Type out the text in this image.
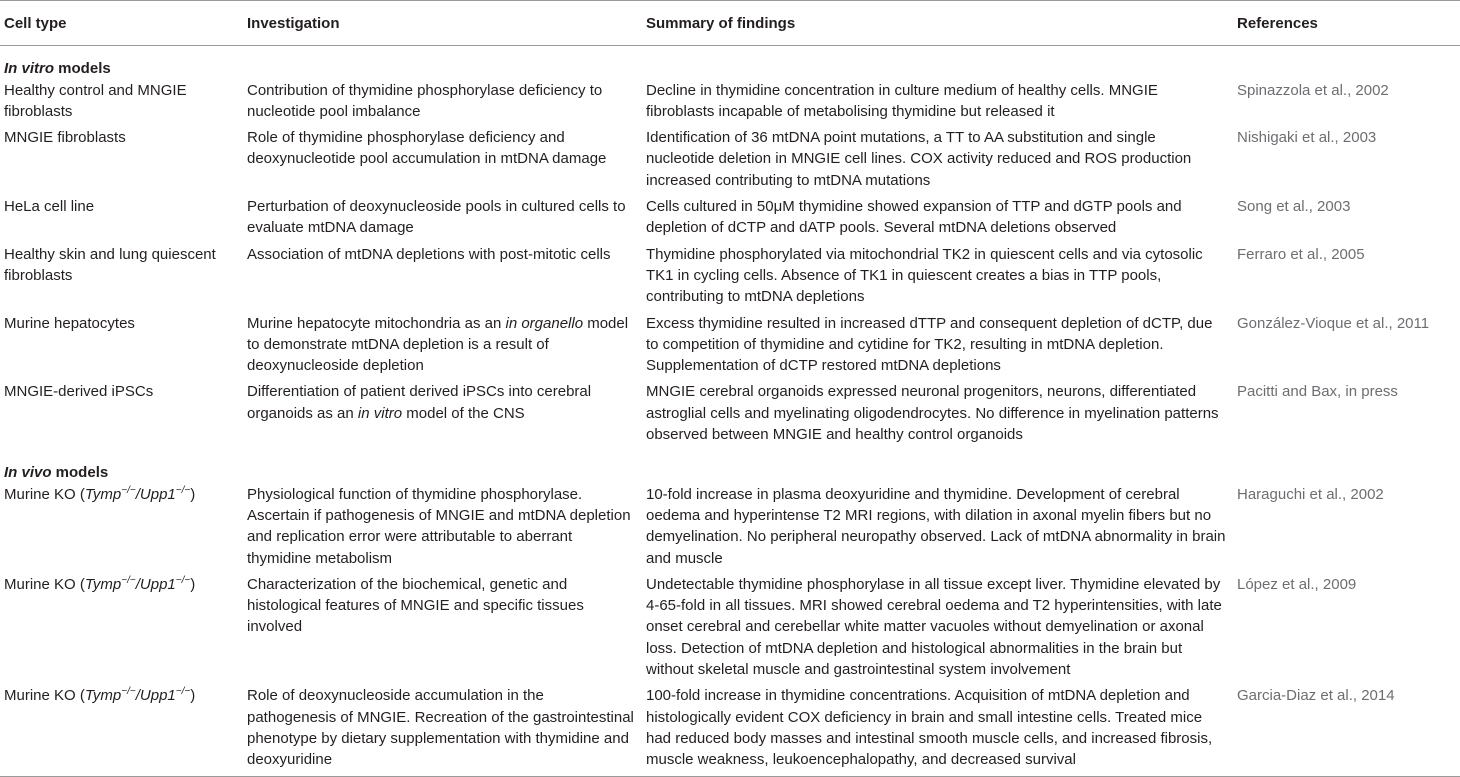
Cell type	Investigation	Summary of findings	References
In vitro models			
Healthy control and MNGIE fibroblasts	Contribution of thymidine phosphorylase deficiency to nucleotide pool imbalance	Decline in thymidine concentration in culture medium of healthy cells. MNGIE fibroblasts incapable of metabolising thymidine but released it	Spinazzola et al., 2002
MNGIE fibroblasts	Role of thymidine phosphorylase deficiency and deoxynucleotide pool accumulation in mtDNA damage	Identification of 36 mtDNA point mutations, a TT to AA substitution and single nucleotide deletion in MNGIE cell lines. COX activity reduced and ROS production increased contributing to mtDNA mutations	Nishigaki et al., 2003
HeLa cell line	Perturbation of deoxynucleoside pools in cultured cells to evaluate mtDNA damage	Cells cultured in 50μM thymidine showed expansion of TTP and dGTP pools and depletion of dCTP and dATP pools. Several mtDNA deletions observed	Song et al., 2003
Healthy skin and lung quiescent fibroblasts	Association of mtDNA depletions with post-mitotic cells	Thymidine phosphorylated via mitochondrial TK2 in quiescent cells and via cytosolic TK1 in cycling cells. Absence of TK1 in quiescent creates a bias in TTP pools, contributing to mtDNA depletions	Ferraro et al., 2005
Murine hepatocytes	Murine hepatocyte mitochondria as an in organello model to demonstrate mtDNA depletion is a result of deoxynucleoside depletion	Excess thymidine resulted in increased dTTP and consequent depletion of dCTP, due to competition of thymidine and cytidine for TK2, resulting in mtDNA depletion. Supplementation of dCTP restored mtDNA depletions	González-Vioque et al., 2011
MNGIE-derived iPSCs	Differentiation of patient derived iPSCs into cerebral organoids as an in vitro model of the CNS	MNGIE cerebral organoids expressed neuronal progenitors, neurons, differentiated astroglial cells and myelinating oligodendrocytes. No difference in myelination patterns observed between MNGIE and healthy control organoids	Pacitti and Bax, in press
In vivo models			
Murine KO (Tymp−/−/Upp1−/−)	Physiological function of thymidine phosphorylase. Ascertain if pathogenesis of MNGIE and mtDNA depletion and replication error were attributable to aberrant thymidine metabolism	10-fold increase in plasma deoxyuridine and thymidine. Development of cerebral oedema and hyperintense T2 MRI regions, with dilation in axonal myelin fibers but no demyelination. No peripheral neuropathy observed. Lack of mtDNA abnormality in brain and muscle	Haraguchi et al., 2002
Murine KO (Tymp−/−/Upp1−/−)	Characterization of the biochemical, genetic and histological features of MNGIE and specific tissues involved	Undetectable thymidine phosphorylase in all tissue except liver. Thymidine elevated by 4-65-fold in all tissues. MRI showed cerebral oedema and T2 hyperintensities, with late onset cerebral and cerebellar white matter vacuoles without demyelination or axonal loss. Detection of mtDNA depletion and histological abnormalities in the brain but without skeletal muscle and gastrointestinal system involvement	López et al., 2009
Murine KO (Tymp−/−/Upp1−/−)	Role of deoxynucleoside accumulation in the pathogenesis of MNGIE. Recreation of the gastrointestinal phenotype by dietary supplementation with thymidine and deoxyuridine	100-fold increase in thymidine concentrations. Acquisition of mtDNA depletion and histologically evident COX deficiency in brain and small intestine cells. Treated mice had reduced body masses and intestinal smooth muscle cells, and increased fibrosis, muscle weakness, leukoencephalopathy, and decreased survival	Garcia-Diaz et al., 2014
